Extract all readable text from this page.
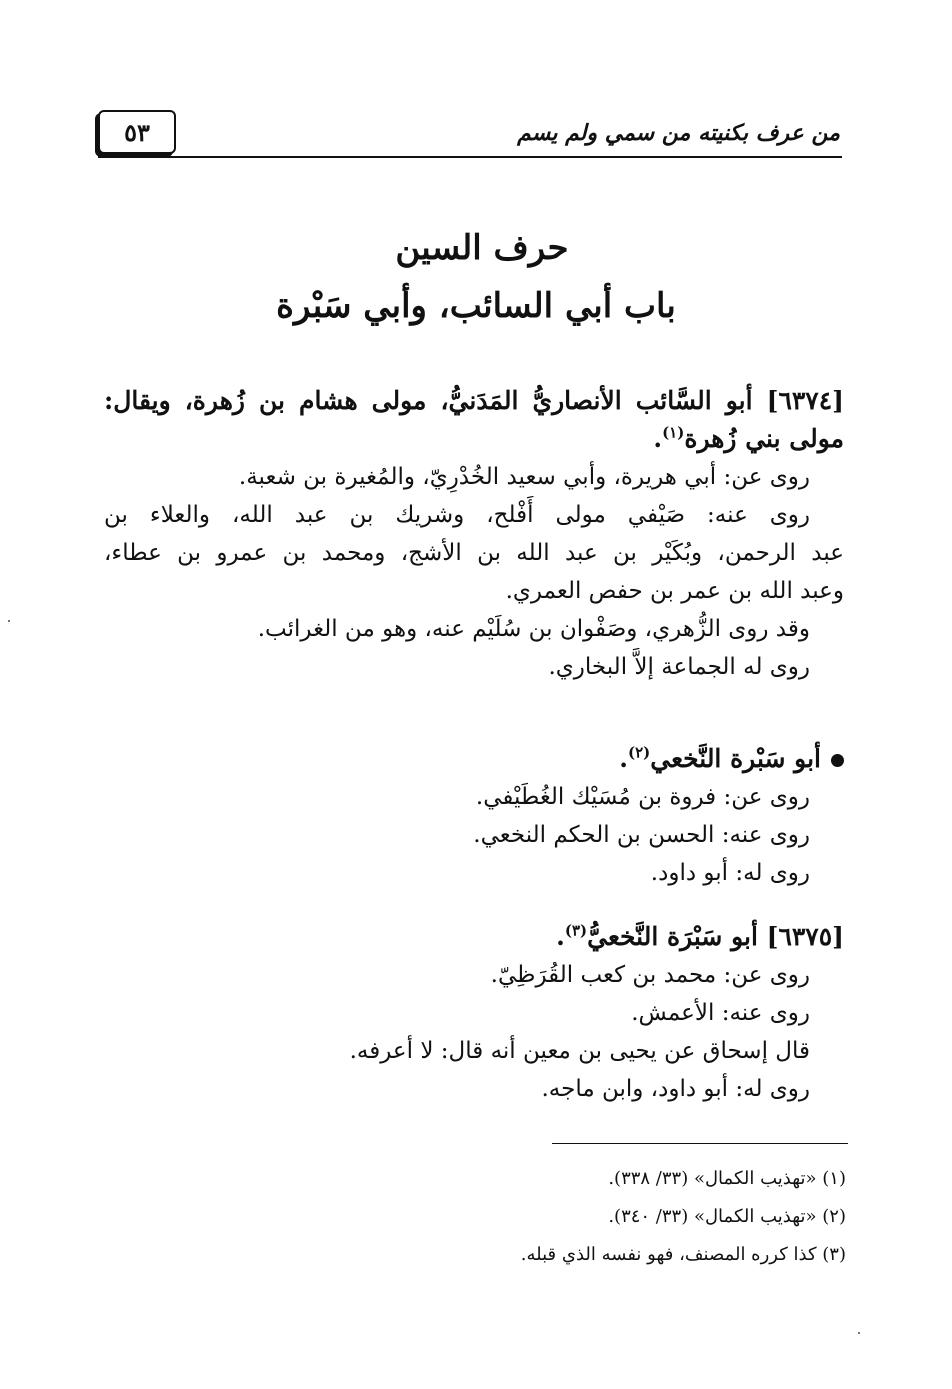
من عرف بكنيته من سمي ولم يسم
٥٣
حرف السين
باب أبي السائب، وأبي سَبْرة
[٦٣٧٤] أبو السَّائب الأنصاريُّ المَدَنيُّ، مولى هشام بن زُهرة، ويقال:
مولى بني زُهرة$^{(١)}$.
روى عن: أبي هريرة، وأبي سعيد الخُدْرِيّ، والمُغيرة بن شعبة.
روى عنه: صَيْفي مولى أَفْلح، وشريك بن عبد الله، والعلاء بن
عبد الرحمن، وبُكَيْر بن عبد الله بن الأشج، ومحمد بن عمرو بن عطاء،
وعبد الله بن عمر بن حفص العمري.
وقد روى الزُّهري، وصَفْوان بن سُلَيْم عنه، وهو من الغرائب.
روى له الجماعة إلاَّ البخاري.
أبو سَبْرة النَّخعي$^{(٢)}$.
روى عن: فروة بن مُسَيْك الغُطَيْفي.
روى عنه: الحسن بن الحكم النخعي.
روى له: أبو داود.
[٦٣٧٥] أبو سَبْرَة النَّخعيُّ$^{(٣)}$.
روى عن: محمد بن كعب القُرَظِيّ.
روى عنه: الأعمش.
قال إسحاق عن يحيى بن معين أنه قال: لا أعرفه.
روى له: أبو داود، وابن ماجه.
(١) «تهذيب الكمال» (٣٣/ ٣٣٨).
(٢) «تهذيب الكمال» (٣٣/ ٣٤٠).
(٣) كذا كرره المصنف، فهو نفسه الذي قبله.
